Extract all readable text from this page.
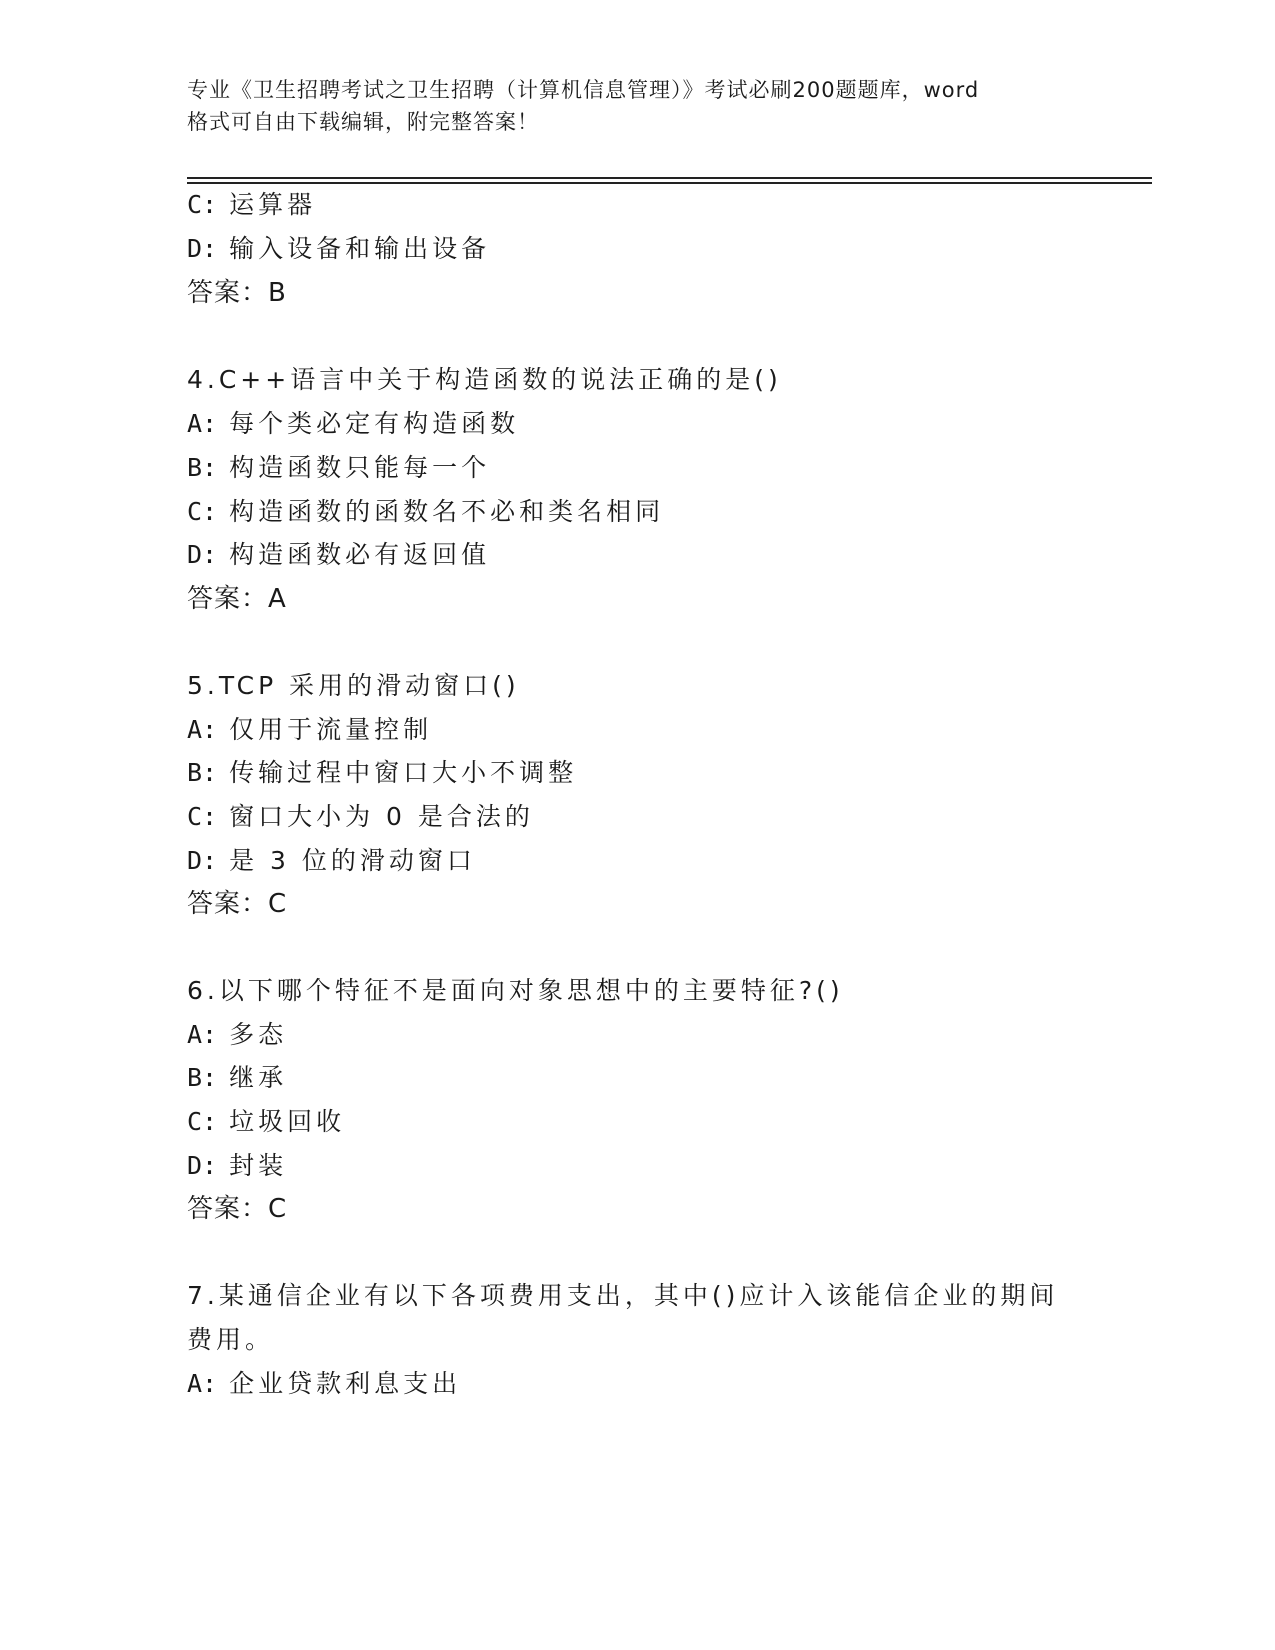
专业《卫生招聘考试之卫生招聘（计算机信息管理）》考试必刷200题题库，word
格式可自由下载编辑，附完整答案！
C: 运算器
D: 输入设备和输出设备
答案：B
4.C++语言中关于构造函数的说法正确的是()
A: 每个类必定有构造函数
B: 构造函数只能每一个
C: 构造函数的函数名不必和类名相同
D: 构造函数必有返回值
答案：A
5.TCP 采用的滑动窗口()
A: 仅用于流量控制
B: 传输过程中窗口大小不调整
C: 窗口大小为 0 是合法的
D: 是 3 位的滑动窗口
答案：C
6.以下哪个特征不是面向对象思想中的主要特征?()
A: 多态
B: 继承
C: 垃圾回收
D: 封装
答案：C
7.某通信企业有以下各项费用支出，其中()应计入该能信企业的期间
费用。
A: 企业贷款利息支出
